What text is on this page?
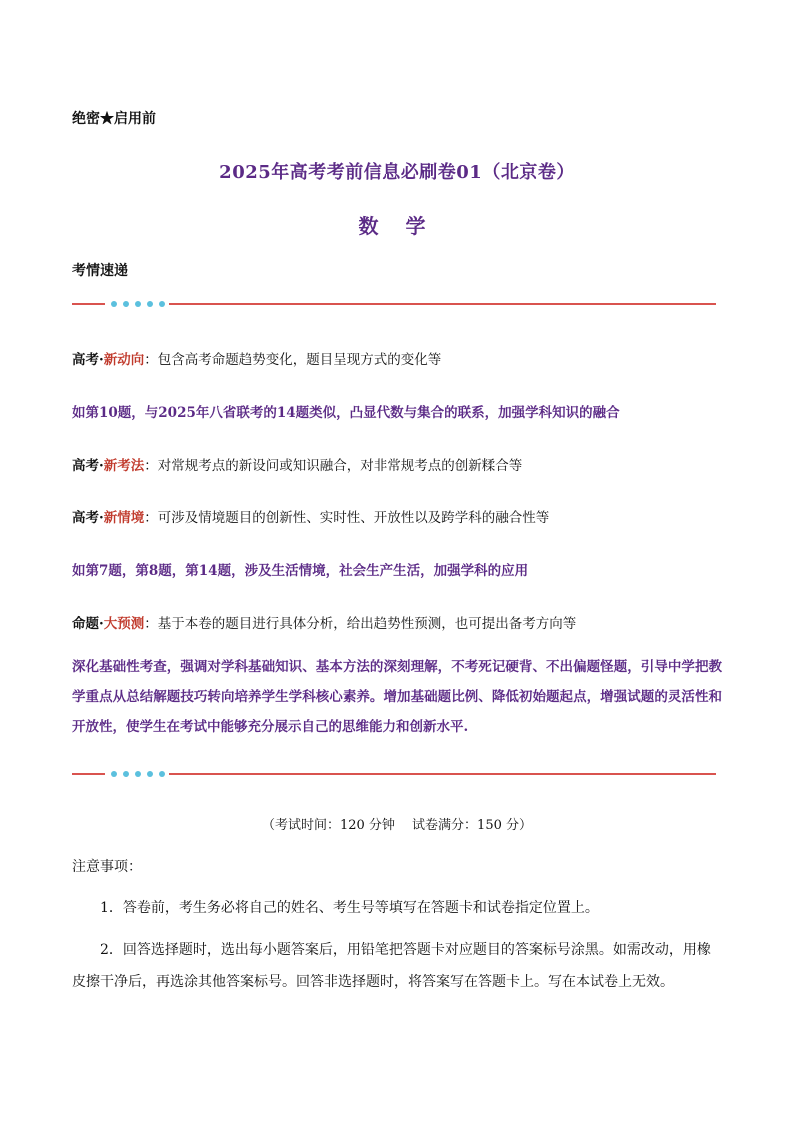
绝密★启用前
2025年高考考前信息必刷卷01（北京卷）
数 学
考情速递
高考·新动向：包含高考命题趋势变化，题目呈现方式的变化等
如第10题，与2025年八省联考的14题类似，凸显代数与集合的联系，加强学科知识的融合
高考·新考法：对常规考点的新设问或知识融合，对非常规考点的创新糅合等
高考·新情境：可涉及情境题目的创新性、实时性、开放性以及跨学科的融合性等
如第7题，第8题，第14题，涉及生活情境，社会生产生活，加强学科的应用
命题·大预测：基于本卷的题目进行具体分析，给出趋势性预测，也可提出备考方向等
深化基础性考查，强调对学科基础知识、基本方法的深刻理解，不考死记硬背、不出偏题怪题，引导中学把教学重点从总结解题技巧转向培养学生学科核心素养。增加基础题比例、降低初始题起点，增强试题的灵活性和开放性，使学生在考试中能够充分展示自己的思维能力和创新水平.
（考试时间：120 分钟　 试卷满分：150 分）
注意事项：
1．答卷前，考生务必将自己的姓名、考生号等填写在答题卡和试卷指定位置上。
2．回答选择题时，选出每小题答案后，用铅笔把答题卡对应题目的答案标号涂黑。如需改动，用橡皮擦干净后，再选涂其他答案标号。回答非选择题时，将答案写在答题卡上。写在本试卷上无效。
